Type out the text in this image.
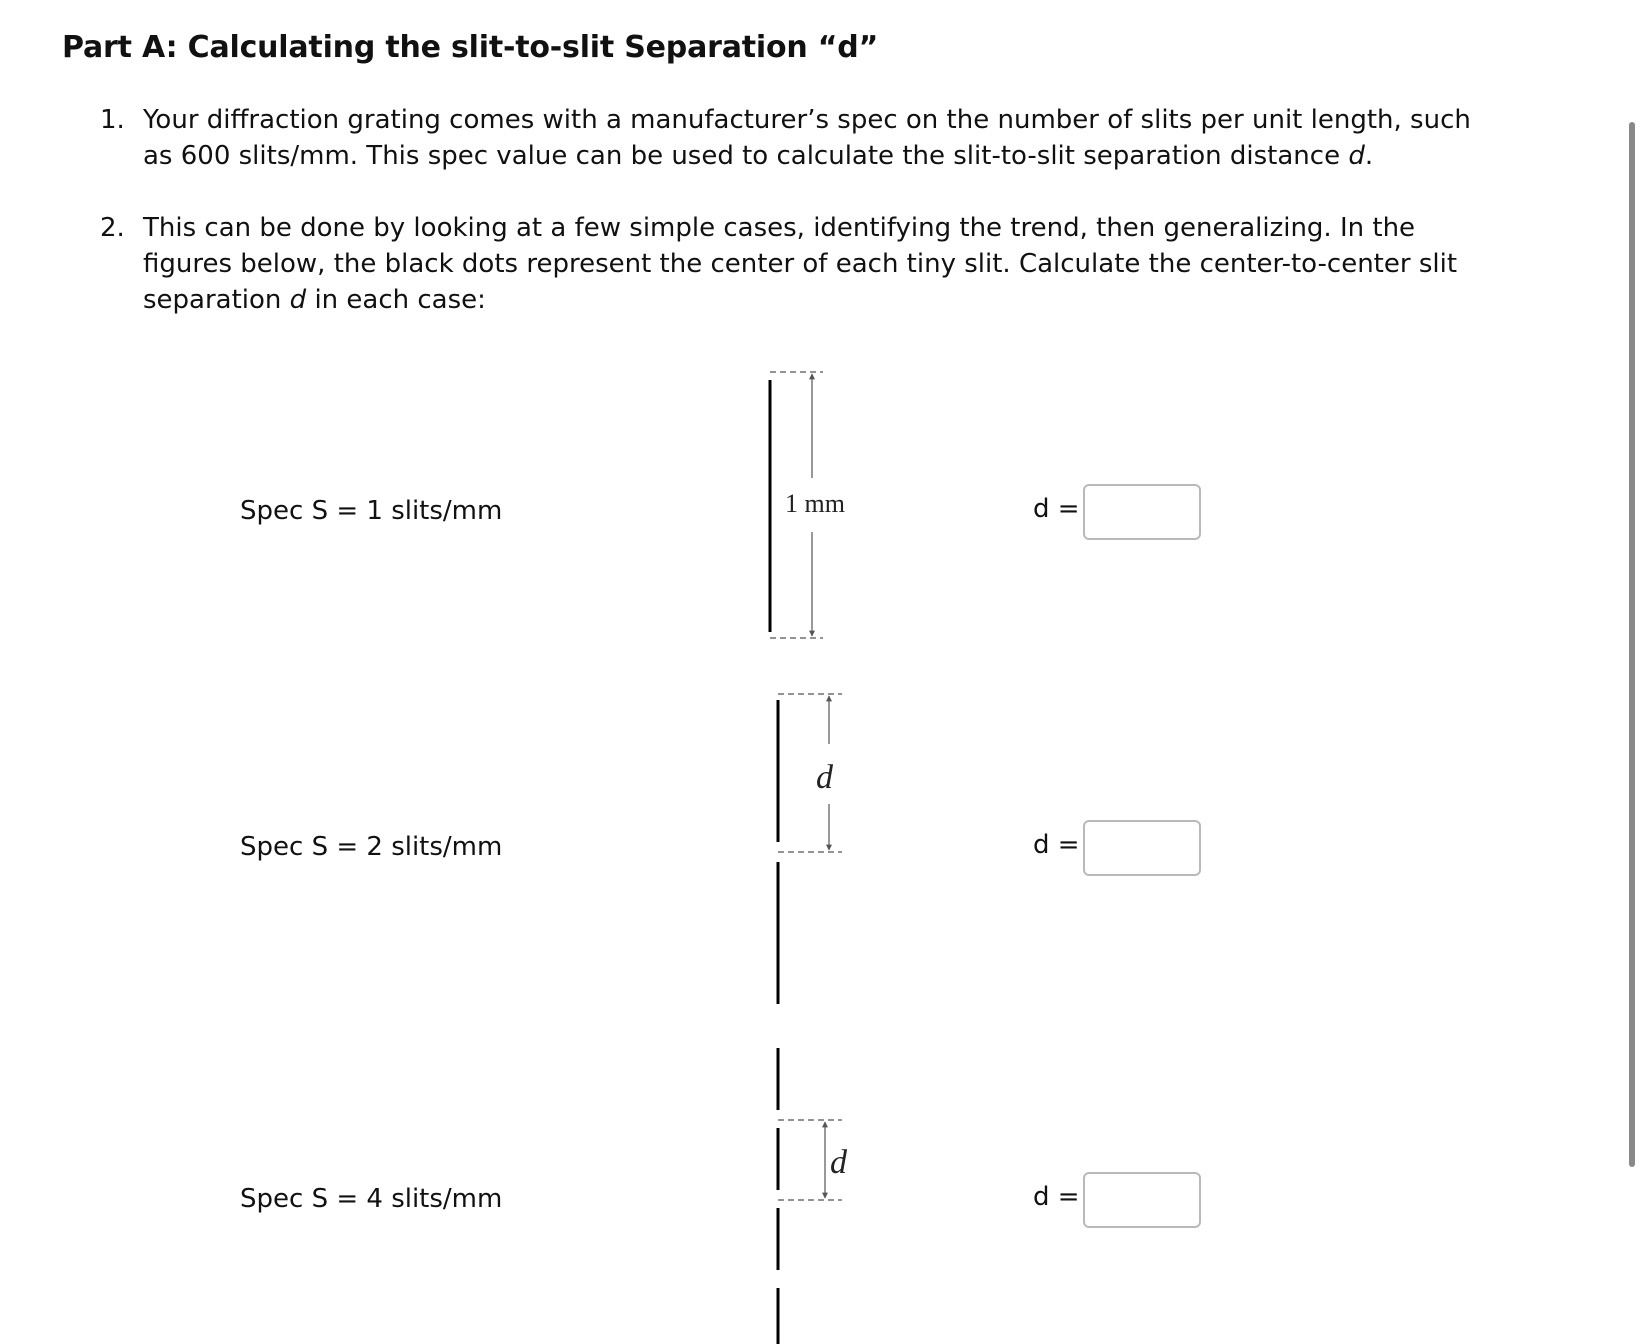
Part A: Calculating the slit-to-slit Separation “d”
1. Your diffraction grating comes with a manufacturer’s spec on the number of slits per unit length, such as 600 slits/mm. This spec value can be used to calculate the slit-to-slit separation distance d.
2. This can be done by looking at a few simple cases, identifying the trend, then generalizing. In the figures below, the black dots represent the center of each tiny slit. Calculate the center-to-center slit separation d in each case:
Spec S = 1 slits/mm	d =
Spec S = 2 slits/mm	d =
Spec S = 4 slits/mm	d =
1 mm
d
d
